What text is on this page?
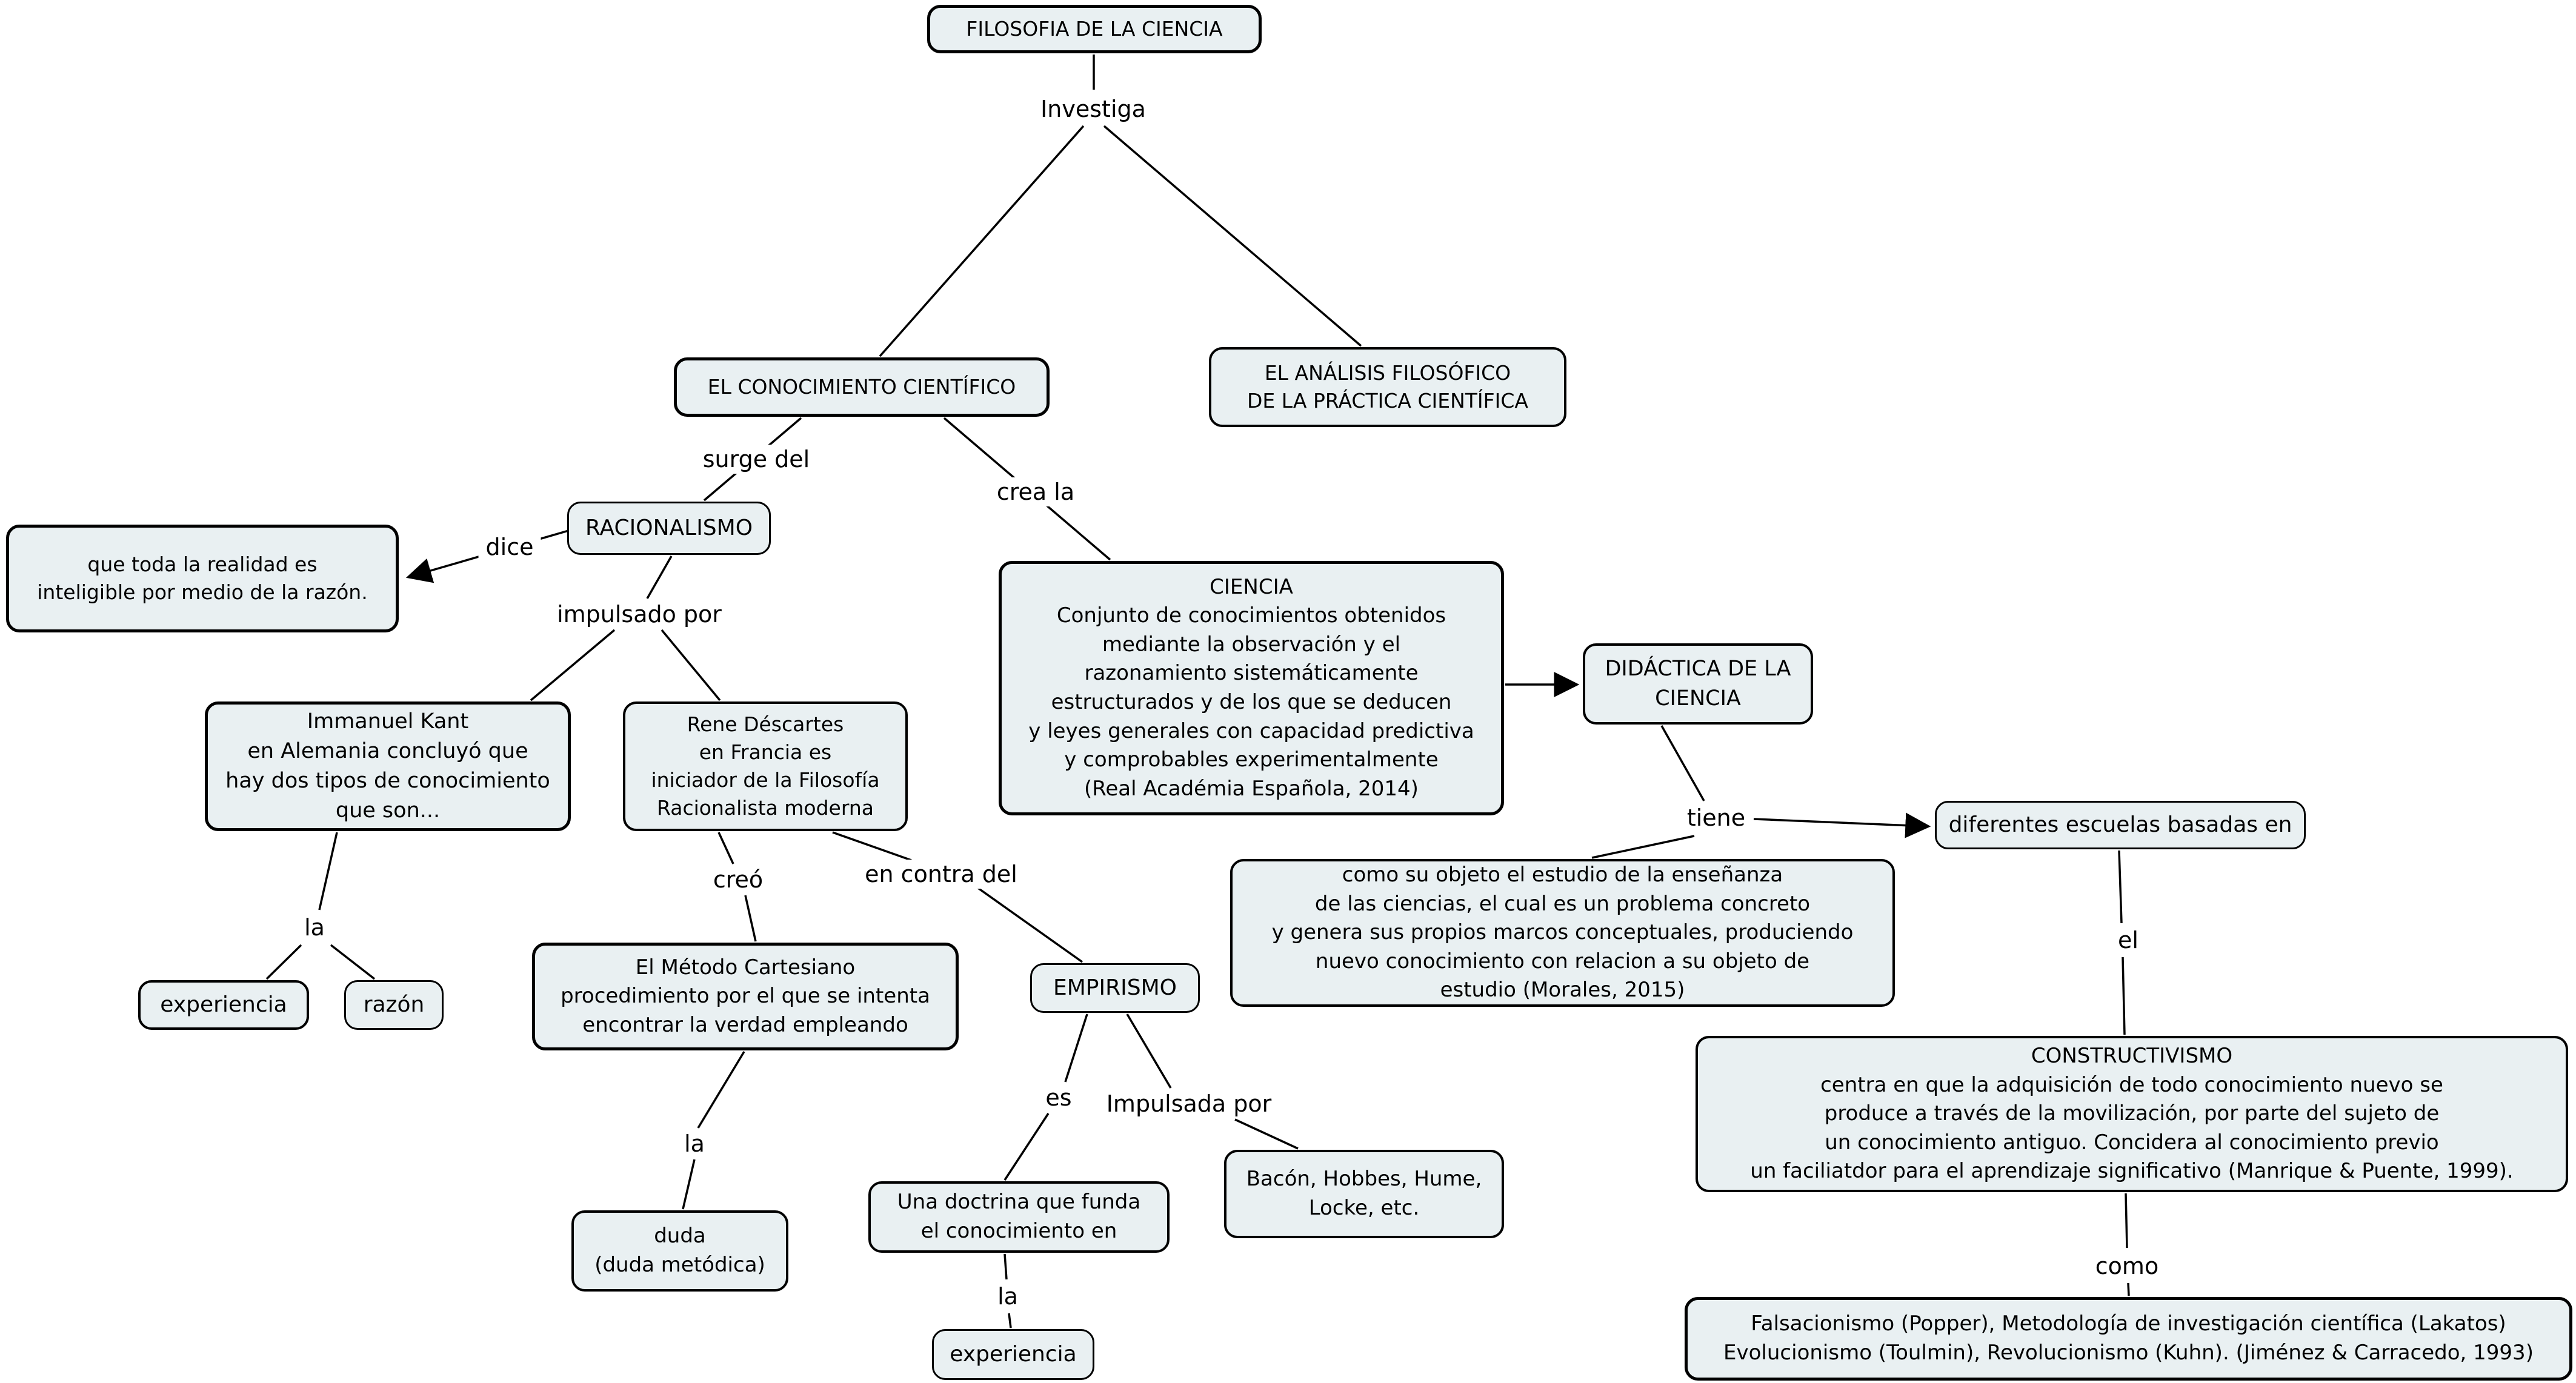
FILOSOFIA DE LA CIENCIA
EL CONOCIMIENTO CIENTÍFICO
EL ANÁLISIS FILOSÓFICO
DE LA PRÁCTICA CIENTÍFICA
RACIONALISMO
que toda la realidad es
inteligible por medio de la razón.	CIENCIA
Conjunto de conocimientos obtenidos
mediante la observación y el
razonamiento sistemáticamente
estructurados y de los que se deducen
y leyes generales con capacidad predictiva
y comprobables experimentalmente
(Real Académia Española, 2014)
DIDÁCTICA DE LA
CIENCIA
Immanuel Kant
en Alemania concluyó que
hay dos tipos de conocimiento
que son...
Rene Déscartes
en Francia es
iniciador de la Filosofía
Racionalista moderna
diferentes escuelas basadas en
como su objeto el estudio de la enseñanza
de las ciencias, el cual es un problema concreto
y genera sus propios marcos conceptuales, produciendo
nuevo conocimiento con relacion a su objeto de
estudio (Morales, 2015)
experiencia	razón
El Método Cartesiano
procedimiento por el que se intenta
encontrar la verdad empleando
EMPIRISMO
CONSTRUCTIVISMO
centra en que la adquisición de todo conocimiento nuevo se
produce a través de la movilización, por parte del sujeto de
un conocimiento antiguo. Concidera al conocimiento previo
un faciliatdor para el aprendizaje significativo (Manrique & Puente, 1999).
Una doctrina que funda
el conocimiento en
Bacón, Hobbes, Hume,
Locke, etc.
duda
(duda metódica)
Falsacionismo (Popper), Metodología de investigación científica (Lakatos)
Evolucionismo (Toulmin), Revolucionismo (Kuhn). (Jiménez & Carracedo, 1993)
experiencia
Investiga
surge del
crea la
dice
impulsado por
creó	en contra del
la
la
es	Impulsada por
tiene
el
como
la
